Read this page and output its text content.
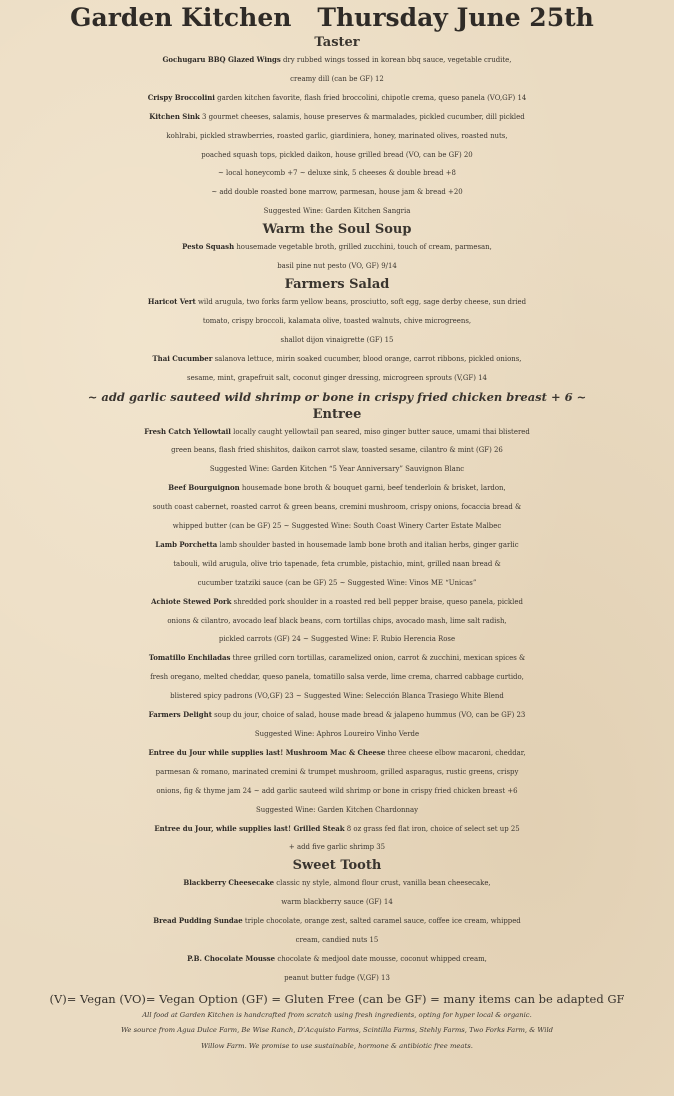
Garden Kitchen Thursday June 25th
Taster
Gochugaru BBQ Glazed Wings dry rubbed wings tossed in korean bbq sauce, vegetable crudite,
creamy dill (can be GF) 12
Crispy Broccolini garden kitchen favorite, flash fried broccolini, chipotle crema, queso panela (VO,GF) 14
Kitchen Sink 3 gourmet cheeses, salamis, house preserves & marmalades, pickled cucumber, dill pickled
kohlrabi, pickled strawberries, roasted garlic, giardiniera, honey, marinated olives, roasted nuts,
poached squash tops, pickled daikon, house grilled bread (VO, can be GF) 20
~ local honeycomb +7 ~ deluxe sink, 5 cheeses & double bread +8
~ add double roasted bone marrow, parmesan, house jam & bread +20
Suggested Wine: Garden Kitchen Sangria
Warm the Soul Soup
Pesto Squash housemade vegetable broth, grilled zucchini, touch of cream, parmesan,
basil pine nut pesto (VO, GF) 9/14
Farmers Salad
Haricot Vert wild arugula, two forks farm yellow beans, prosciutto, soft egg, sage derby cheese, sun dried
tomato, crispy broccoli, kalamata olive, toasted walnuts, chive microgreens,
shallot dijon vinaigrette (GF) 15
Thai Cucumber salanova lettuce, mirin soaked cucumber, blood orange, carrot ribbons, pickled onions,
sesame, mint, grapefruit salt, coconut ginger dressing, microgreen sprouts (V,GF) 14
~ add garlic sauteed wild shrimp or bone in crispy fried chicken breast + 6 ~
Entree
Fresh Catch Yellowtail locally caught yellowtail pan seared, miso ginger butter sauce, umami thai blistered
green beans, flash fried shishitos, daikon carrot slaw, toasted sesame, cilantro & mint (GF) 26
Suggested Wine: Garden Kitchen “5 Year Anniversary” Sauvignon Blanc
Beef Bourguignon housemade bone broth & bouquet garni, beef tenderloin & brisket, lardon,
south coast cabernet, roasted carrot & green beans, cremini mushroom, crispy onions, focaccia bread &
whipped butter (can be GF) 25 ~ Suggested Wine: South Coast Winery Carter Estate Malbec
Lamb Porchetta lamb shoulder basted in housemade lamb bone broth and italian herbs, ginger garlic
tabouli, wild arugula, olive trio tapenade, feta crumble, pistachio, mint, grilled naan bread &
cucumber tzatziki sauce (can be GF) 25 ~ Suggested Wine: Vinos ME “Unicas”
Achiote Stewed Pork shredded pork shoulder in a roasted red bell pepper braise, queso panela, pickled
onions & cilantro, avocado leaf black beans, corn tortillas chips, avocado mash, lime salt radish,
pickled carrots (GF) 24 ~ Suggested Wine: F. Rubio Herencia Rose
Tomatillo Enchiladas three grilled corn tortillas, caramelized onion, carrot & zucchini, mexican spices &
fresh oregano, melted cheddar, queso panela, tomatillo salsa verde, lime crema, charred cabbage curtido,
blistered spicy padrons (VO,GF) 23 ~ Suggested Wine: Selección Blanca Trasiego White Blend
Farmers Delight soup du jour, choice of salad, house made bread & jalapeno hummus (VO, can be GF) 23
Suggested Wine: Aphros Loureiro Vinho Verde
Entree du Jour while supplies last! Mushroom Mac & Cheese three cheese elbow macaroni, cheddar,
parmesan & romano, marinated cremini & trumpet mushroom, grilled asparagus, rustic greens, crispy
onions, fig & thyme jam 24 ~ add garlic sauteed wild shrimp or bone in crispy fried chicken breast +6
Suggested Wine: Garden Kitchen Chardonnay
Entree du Jour, while supplies last! Grilled Steak 8 oz grass fed flat iron, choice of select set up 25
+ add five garlic shrimp 35
Sweet Tooth
Blackberry Cheesecake classic ny style, almond flour crust, vanilla bean cheesecake,
warm blackberry sauce (GF) 14
Bread Pudding Sundae triple chocolate, orange zest, salted caramel sauce, coffee ice cream, whipped
cream, candied nuts 15
P.B. Chocolate Mousse chocolate & medjool date mousse, coconut whipped cream,
peanut butter fudge (V,GF) 13
(V)= Vegan (VO)= Vegan Option (GF) = Gluten Free (can be GF) = many items can be adapted GF
All food at Garden Kitchen is handcrafted from scratch using fresh ingredients, opting for hyper local & organic.
We source from Agua Dulce Farm, Be Wise Ranch, D’Acquisto Farms, Scintilla Farms, Stehly Farms, Two Forks Farm, & Wild
Willow Farm. We promise to use sustainable, hormone & antibiotic free meats.
